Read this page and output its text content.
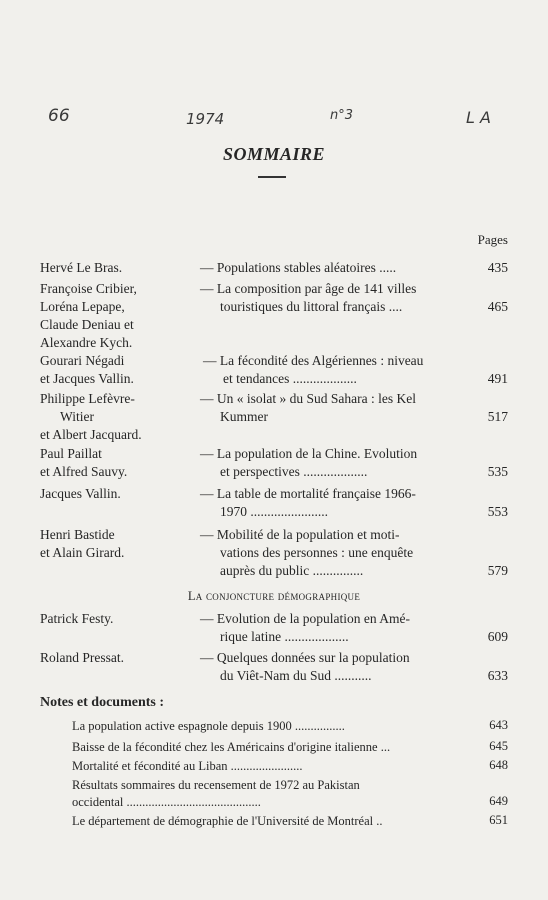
66	1974	n°3	L A
SOMMAIRE
Pages
Hervé Le Bras.	— Populations stables aléatoires .....	435
Françoise Cribier,
Loréna Lepape,
Claude Deniau et
Alexandre Kych.
— La composition par âge de 141 villes
touristiques du littoral français ....	465
Gourari Négadi
et Jacques Vallin.
— La fécondité des Algériennes : niveau
et tendances ...................	491
Philippe Lefèvre-
Witier
et Albert Jacquard.
— Un « isolat » du Sud Sahara : les Kel
Kummer	517
Paul Paillat
et Alfred Sauvy.
— La population de la Chine. Evolution
et perspectives ...................	535
Jacques Vallin.	— La table de mortalité française 1966-
1970 .......................	553
Henri Bastide
et Alain Girard.
— Mobilité de la population et moti-
vations des personnes : une enquête
auprès du public ...............	579
La conjoncture démographique
Patrick Festy.	— Evolution de la population en Amé-
rique latine ...................	609
Roland Pressat.	— Quelques données sur la population
du Viêt-Nam du Sud ...........	633
Notes et documents :
La population active espagnole depuis 1900 ................	643
Baisse de la fécondité chez les Américains d'origine italienne ...	645
Mortalité et fécondité au Liban .......................	648
Résultats sommaires du recensement de 1972 au Pakistan
occidental ...........................................	649
Le département de démographie de l'Université de Montréal ..	651
